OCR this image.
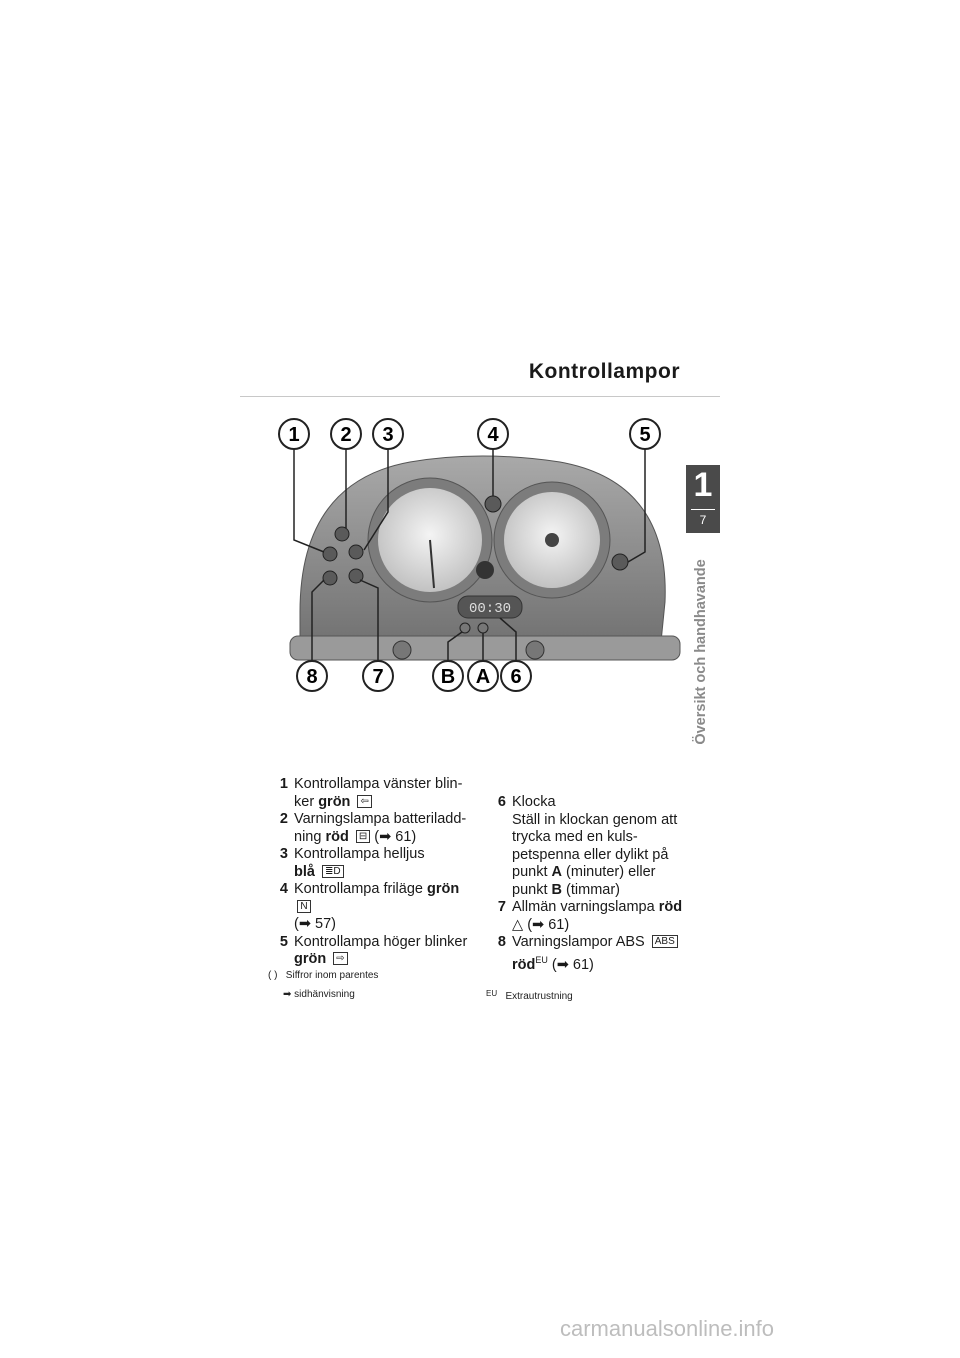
Kontrollampor
1
7
Översikt och handhavande
00:30
1 2 3	4	5
8	7	B A 6
1 Kontrollampa vänster blin-
ker grön ⇦
2 Varningslampa batteriladd-
ning röd ⊟ (➡ 61)
3 Kontrollampa helljus
blå ≣D
4 Kontrollampa friläge grön N
(➡ 57)
5 Kontrollampa höger blinker
grön ⇨
6 Klocka
Ställ in klockan genom att trycka med en kuls- petspenna eller dylikt på punkt A (minuter) eller punkt B (timmar)
7 Allmän varningslampa röd
△ (➡ 61)
8 Varningslampor ABS ABS
röd$^{EU}$ (➡ 61)
( ) Siffror inom parentes
➡ sidhänvisning	$^{EU}$ Extrautrustning
carmanualsonline.info
